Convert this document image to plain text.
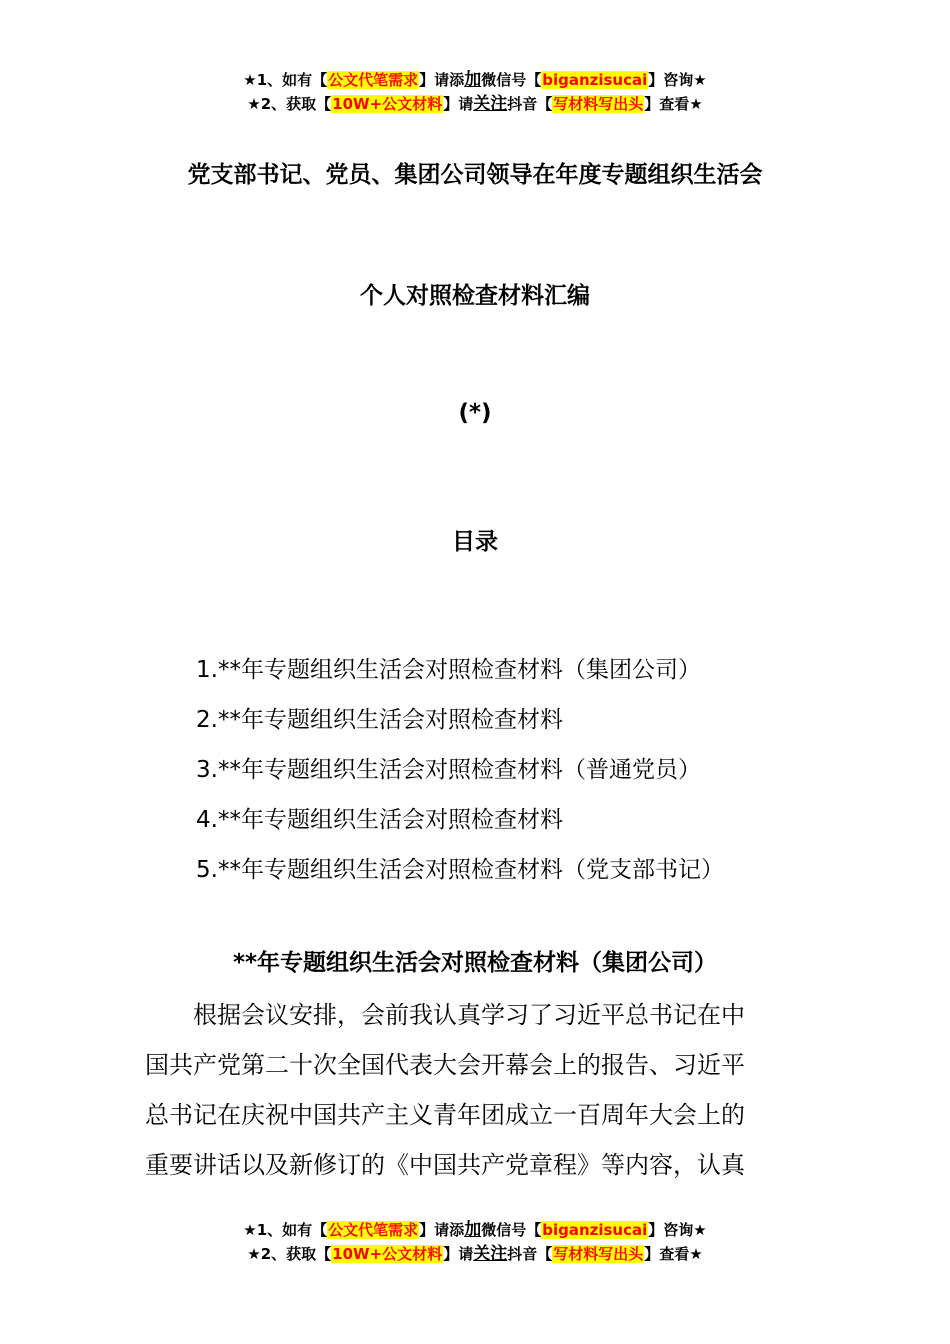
★1、如有【公文代笔需求】请添加微信号【biganzisucai】咨询★
★2、获取【10W+公文材料】请关注抖音【写材料写出头】查看★
党支部书记、党员、集团公司领导在年度专题组织生活会
个人对照检查材料汇编
(*)
目录
1.**年专题组织生活会对照检查材料（集团公司）
2.**年专题组织生活会对照检查材料
3.**年专题组织生活会对照检查材料（普通党员）
4.**年专题组织生活会对照检查材料
5.**年专题组织生活会对照检查材料（党支部书记）
**年专题组织生活会对照检查材料（集团公司）

根据会议安排，会前我认真学习了习近平总书记在中
国共产党第二十次全国代表大会开幕会上的报告、习近平
总书记在庆祝中国共产主义青年团成立一百周年大会上的
重要讲话以及新修订的《中国共产党章程》等内容，认真

★1、如有【公文代笔需求】请添加微信号【biganzisucai】咨询★
★2、获取【10W+公文材料】请关注抖音【写材料写出头】查看★
